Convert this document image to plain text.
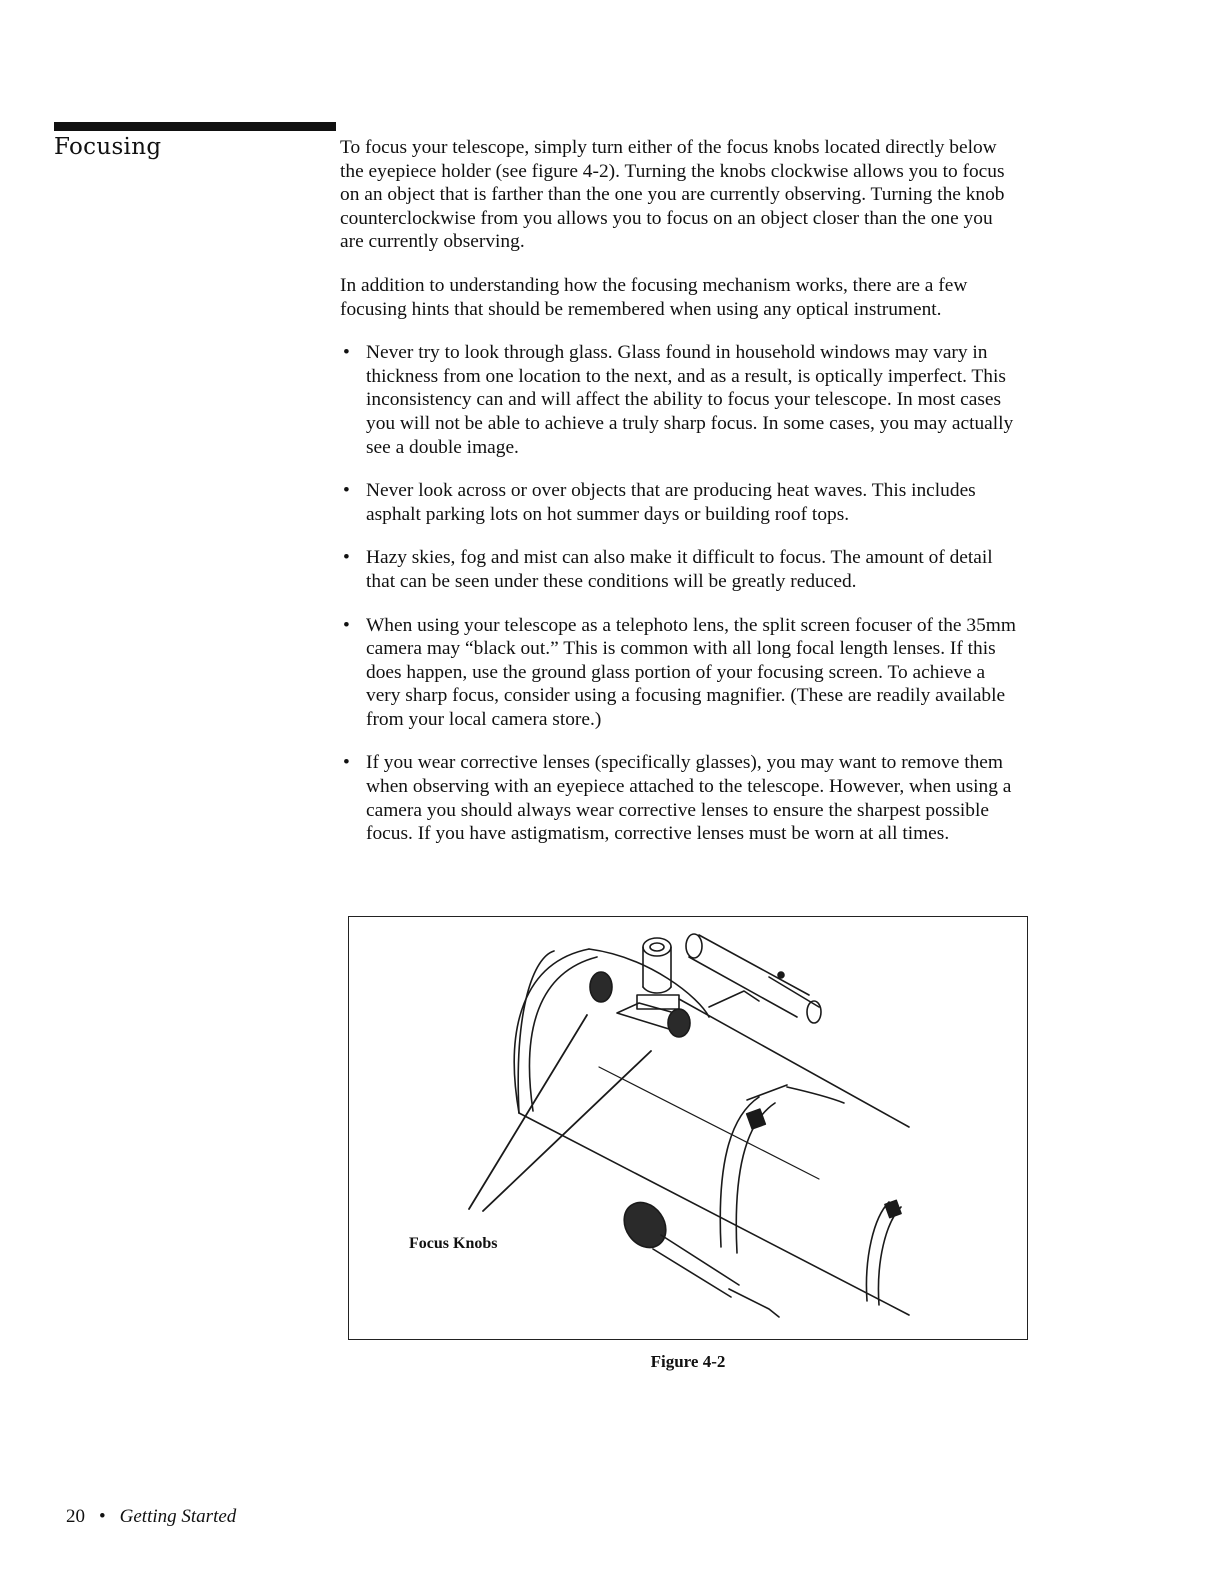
Focusing	To focus your telescope, simply turn either of the focus knobs located directly below the eyepiece holder (see figure 4-2). Turning the knobs clockwise allows you to focus on an object that is farther than the one you are currently observing. Turning the knob counterclockwise from you allows you to focus on an object closer than the one you are currently observing.

In addition to understanding how the focusing mechanism works, there are a few focusing hints that should be remembered when using any optical instrument.

• Never try to look through glass. Glass found in household windows may vary in thickness from one location to the next, and as a result, is optically imperfect. This inconsistency can and will affect the ability to focus your telescope. In most cases you will not be able to achieve a truly sharp focus. In some cases, you may actually see a double image.
• Never look across or over objects that are producing heat waves. This includes asphalt parking lots on hot summer days or building roof tops.
• Hazy skies, fog and mist can also make it difficult to focus. The amount of detail that can be seen under these conditions will be greatly reduced.
• When using your telescope as a telephoto lens, the split screen focuser of the 35mm camera may “black out.” This is common with all long focal length lenses. If this does happen, use the ground glass portion of your focusing screen. To achieve a very sharp focus, consider using a focusing magnifier. (These are readily available from your local camera store.)
• If you wear corrective lenses (specifically glasses), you may want to remove them when observing with an eyepiece attached to the telescope. However, when using a camera you should always wear corrective lenses to ensure the sharpest possible focus. If you have astigmatism, corrective lenses must be worn at all times.
Focus Knobs
Figure 4-2
20 • Getting Started
